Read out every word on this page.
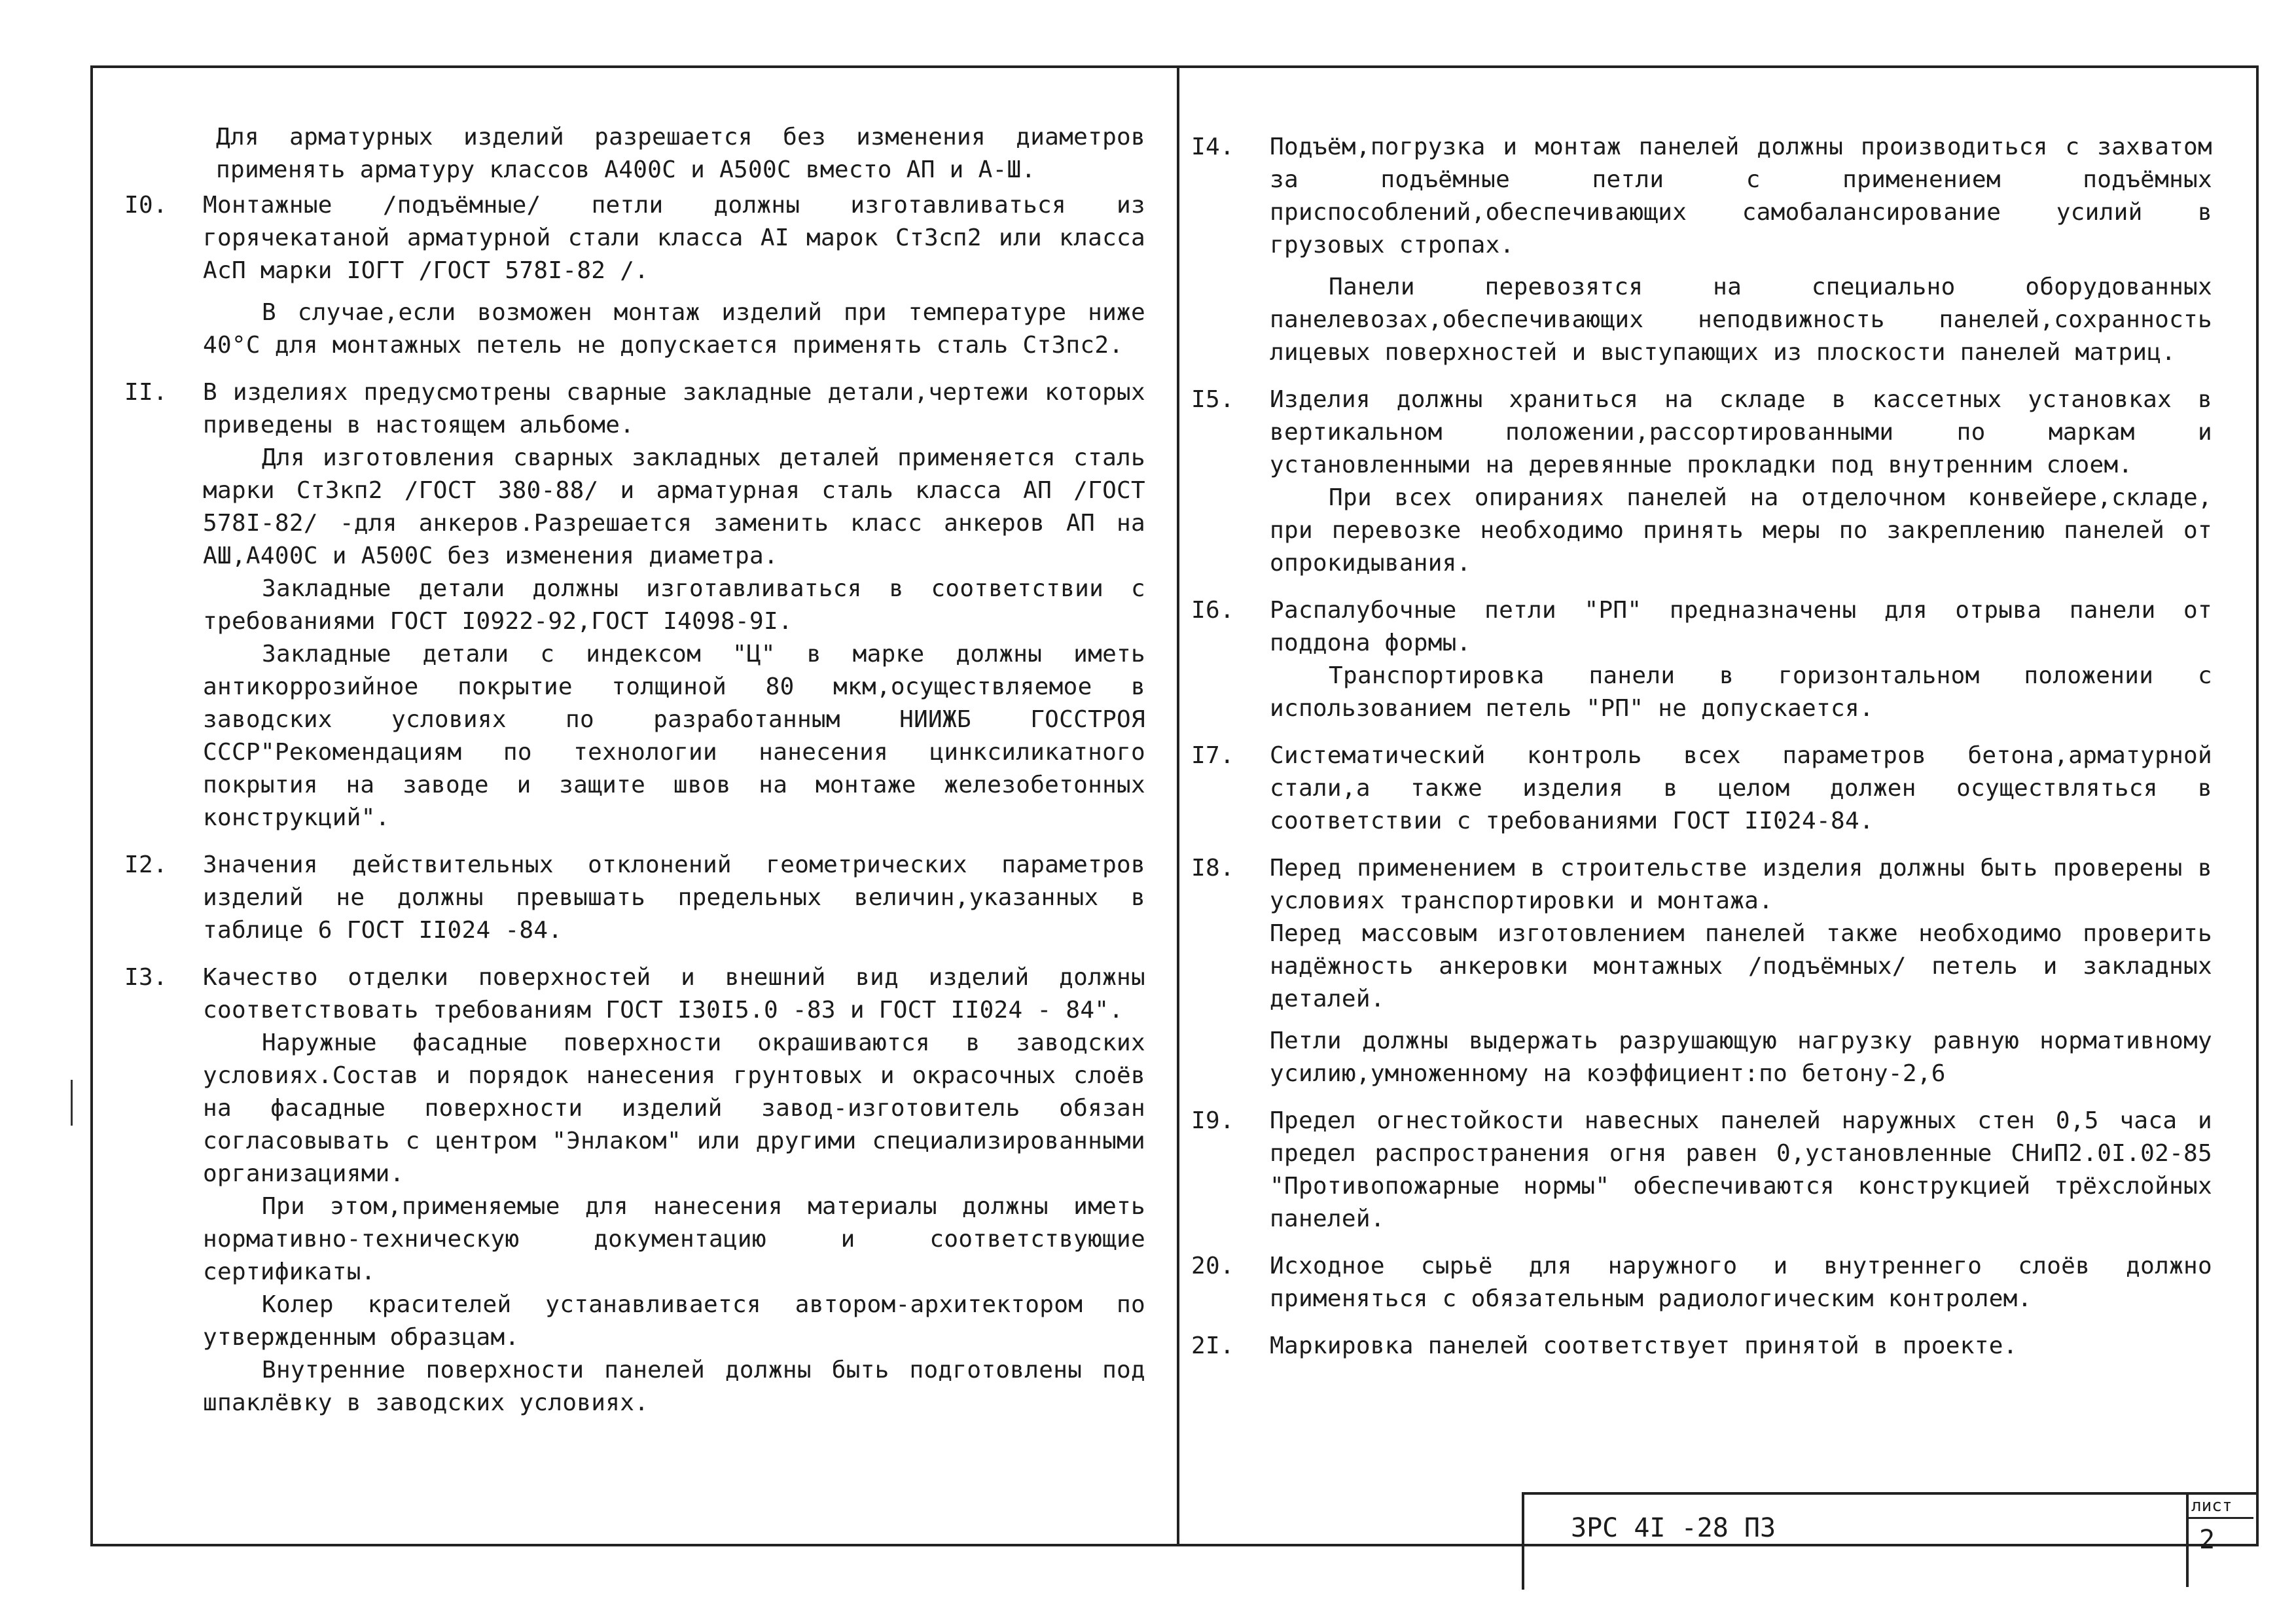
Для арматурных изделий разрешается без изменения диаметров применять арматуру классов А400С и А500С вместо АП и А-Ш.

I0. Монтажные /подъёмные/ петли должны изготавливаться из горячекатаной арматурной стали класса АI марок Ст3сп2 или класса АсП марки IОГТ /ГОСТ 578I-82 /.

В случае,если возможен монтаж изделий при температуре ниже 40°С для монтажных петель не допускается применять сталь Ст3пс2.

II. В изделиях предусмотрены сварные закладные детали,чертежи которых приведены в настоящем альбоме.

Для изготовления сварных закладных деталей применяется сталь марки Ст3кп2 /ГОСТ 380-88/ и арматурная сталь класса АП /ГОСТ 578I-82/ -для анкеров.Разрешается заменить класс анкеров АП на АШ,А400С и А500С без изменения диаметра.

Закладные детали должны изготавливаться в соответствии с требованиями ГОСТ I0922-92,ГОСТ I4098-9I.

Закладные детали с индексом "Ц" в марке должны иметь антикоррозийное покрытие толщиной 80 мкм,осуществляемое в заводских условиях по разработанным НИИЖБ ГОССТРОЯ СССР"Рекомендациям по технологии нанесения цинксиликатного покрытия на заводе и защите швов на монтаже железобетонных конструкций".

I2. Значения действительных отклонений геометрических параметров изделий не должны превышать предельных величин,указанных в таблице 6 ГОСТ II024 -84.

I3. Качество отделки поверхностей и внешний вид изделий должны соответствовать требованиям ГОСТ I30I5.0 -83 и ГОСТ II024 - 84".

Наружные фасадные поверхности окрашиваются в заводских условиях.Состав и порядок нанесения грунтовых и окрасочных слоёв на фасадные поверхности изделий завод-изготовитель обязан согласовывать с центром "Энлаком" или другими специализированными организациями.

При этом,применяемые для нанесения материалы должны иметь нормативно-техническую документацию и соответствующие сертификаты.

Колер красителей устанавливается автором-архитектором по утвержденным образцам.

Внутренние поверхности панелей должны быть подготовлены под шпаклёвку в заводских условиях.

I4. Подъём,погрузка и монтаж панелей должны производиться с захватом за подъёмные петли с применением подъёмных приспособлений,обеспечивающих самобалансирование усилий в грузовых стропах.

Панели перевозятся на специально оборудованных панелевозах,обеспечивающих неподвижность панелей,сохранность лицевых поверхностей и выступающих из плоскости панелей матриц.

I5. Изделия должны храниться на складе в кассетных установках в вертикальном положении,рассортированными по маркам и установленными на деревянные прокладки под внутренним слоем.

При всех опираниях панелей на отделочном конвейере,складе, при перевозке необходимо принять меры по закреплению панелей от опрокидывания.

I6. Распалубочные петли "РП" предназначены для отрыва панели от поддона формы.

Транспортировка панели в горизонтальном положении с использованием петель "РП" не допускается.

I7. Систематический контроль всех параметров бетона,арматурной стали,а также изделия в целом должен осуществляться в соответствии с требованиями ГОСТ II024-84.

I8. Перед применением в строительстве изделия должны быть проверены в условиях транспортировки и монтажа.

Перед массовым изготовлением панелей также необходимо проверить надёжность анкеровки монтажных /подъёмных/ петель и закладных деталей.

Петли должны выдержать разрушающую нагрузку равную нормативному усилию,умноженному на коэффициент:по бетону-2,6

I9. Предел огнестойкости навесных панелей наружных стен 0,5 часа и предел распространения огня равен 0,установленные СНиП2.0I.02-85 "Противопожарные нормы" обеспечиваются конструкцией трёхслойных панелей.

20. Исходное сырьё для наружного и внутреннего слоёв должно применяться с обязательным радиологическим контролем.

2I. Маркировка панелей соответствует принятой в проекте.

3РС 4I -28 ПЗ
лист
2
